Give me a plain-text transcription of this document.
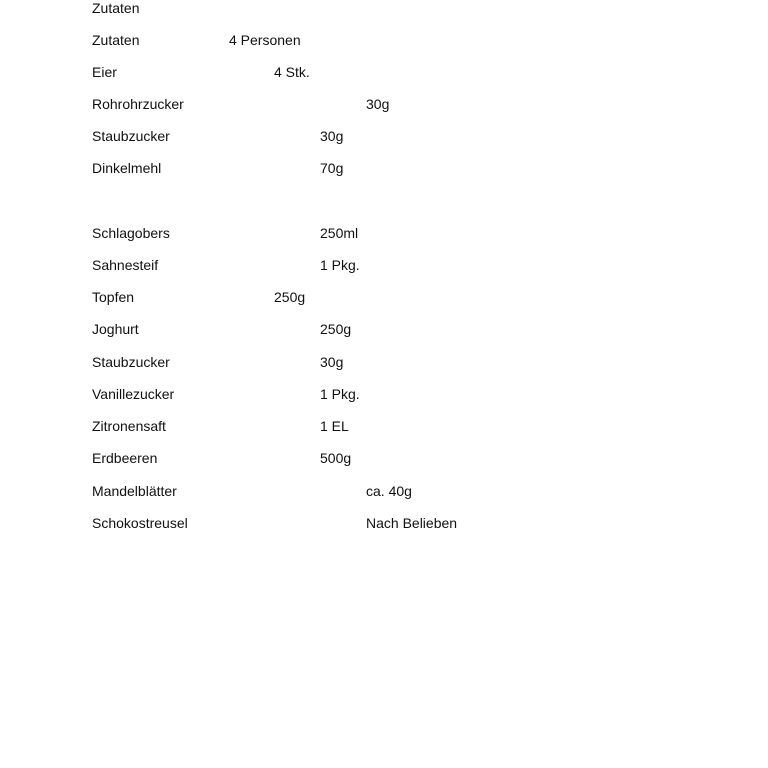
Zutaten
Zutaten	4 Personen
Eier	4 Stk.
Rohrohrzucker	30g
Staubzucker	30g
Dinkelmehl	70g
Schlagobers	250ml
Sahnesteif	1 Pkg.
Topfen	250g
Joghurt	250g
Staubzucker	30g
Vanillezucker	1 Pkg.
Zitronensaft	1 EL
Erdbeeren	500g
Mandelblätter	ca. 40g
Schokostreusel	Nach Belieben
